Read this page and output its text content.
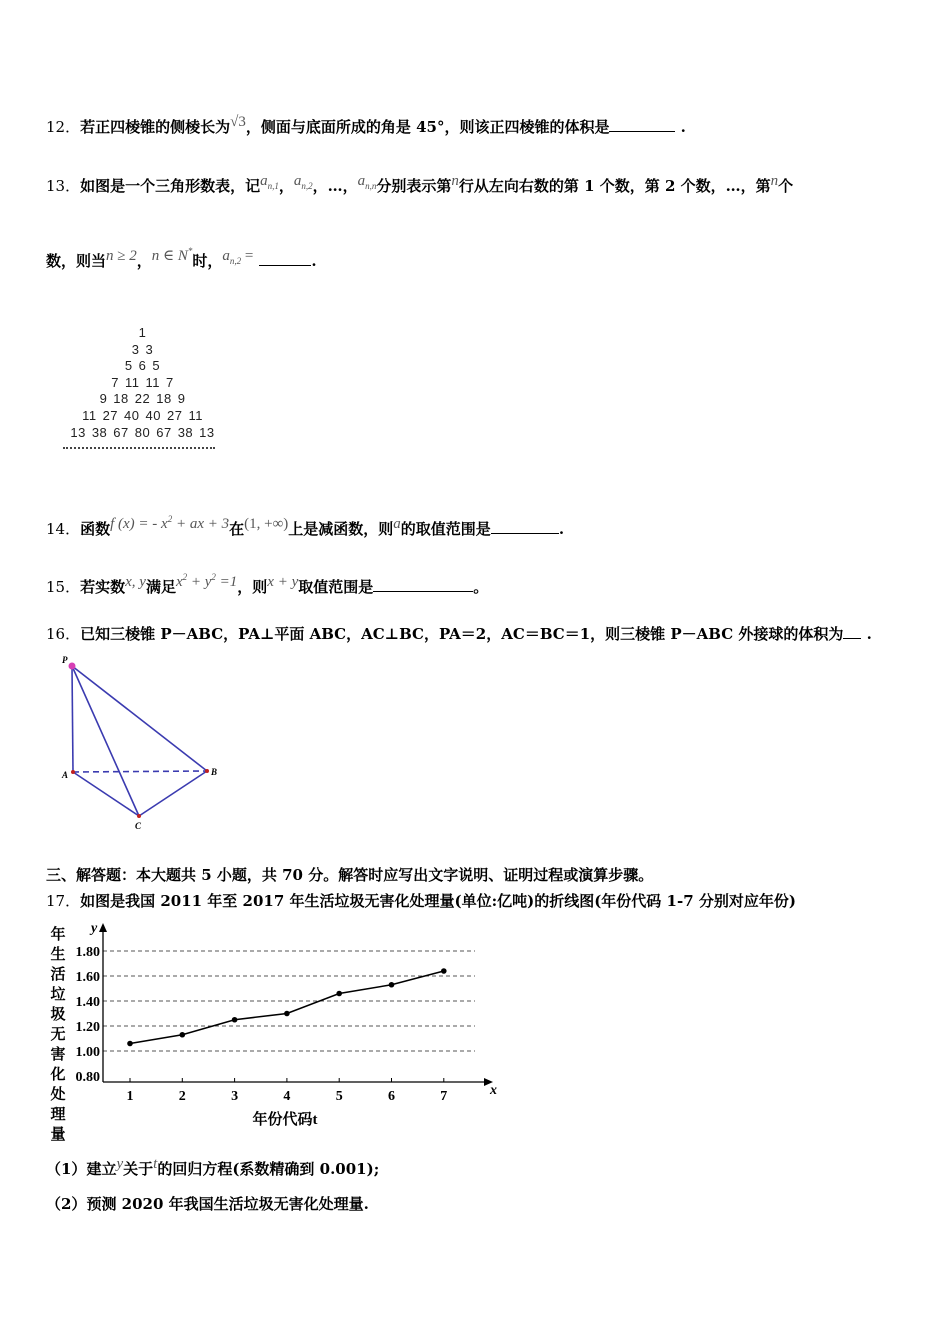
12．若正四棱锥的侧棱长为√3，侧面与底面所成的角是 45°，则该正四棱锥的体积是	.
13．如图是一个三角形数表，记$a_{n,1}$，$a_{n,2}$，…，$a_{n,n}$分别表示第n行从左向右数的第 1 个数，第 2 个数，…，第n个
数，则当n ≥ 2，n ∈ N*时，$a_{n,2}$ =	.
1
3 3
5 6 5
7 11 11 7
9 18 22 18 9
11 27 40 40 27 11
13 38 67 80 67 38 13
14．函数f (x) = - $x^2$ + ax + 3在(1, +∞)上是减函数，则a的取值范围是	.
15．若实数x, y满足$x^2 + y^2 =1$，则x + y取值范围是	。
16．已知三棱锥 P－ABC，PA⊥平面 ABC，AC⊥BC，PA＝2，AC＝BC＝1，则三棱锥 P－ABC 外接球的体积为 .
P
A	B
C
三、解答题：本大题共 5 小题，共 70 分。解答时应写出文字说明、证明过程或演算步骤。
17．如图是我国 2011 年至 2017 年生活垃圾无害化处理量(单位:亿吨)的折线图(年份代码 1-7 分别对应年份)
年
生
活
垃
圾
无
害
化
处
理
量
0.80
1.00
1.20
1.40
1.60
1.80
y
x
1	2	3	4	5	6	7
年份代码t
（1）建立y关于t的回归方程(系数精确到 0.001);
（2）预测 2020 年我国生活垃圾无害化处理量.
